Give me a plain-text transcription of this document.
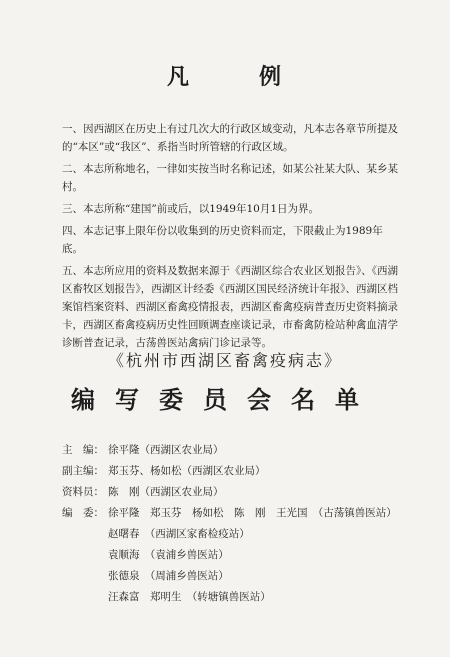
凡	例

一、因西湖区在历史上有过几次大的行政区域变动，凡本志各章节所提及的“本区”或“我区”、系指当时所管辖的行政区域。

二、本志所称地名，一律如实按当时名称记述，如某公社某大队、某乡某村。

三、本志所称“建国”前或后，以1949年10月1日为界。

四、本志记事上限年份以收集到的历史资料而定，下限截止为1989年底。

五、本志所应用的资料及数据来源于《西湖区综合农业区划报告》、《西湖区畜牧区划报告》，西湖区计经委《西湖区国民经济统计年报》、西湖区档案馆档案资料、西湖区畜禽疫情报表，西湖区畜禽疫病普查历史资料摘录卡，西湖区畜禽疫病历史性回顾调查座谈记录，市畜禽防检站种禽血清学诊断普查记录，古荡兽医站禽病门诊记录等。

《杭州市西湖区畜禽疫病志》
编写委员会名单
主　编： 徐平隆（西湖区农业局）
副主编： 郑玉芬、杨如松（西湖区农业局）
资料员： 陈　刚（西湖区农业局）
编　委： 徐平隆　郑玉芬　杨如松　陈　刚　王光国　（古荡镇兽医站）
赵曙春　（西湖区家畜检疫站）
袁顺海　（袁浦乡兽医站）
张德泉　（周浦乡兽医站）
汪森富　郑明生　（转塘镇兽医站）
